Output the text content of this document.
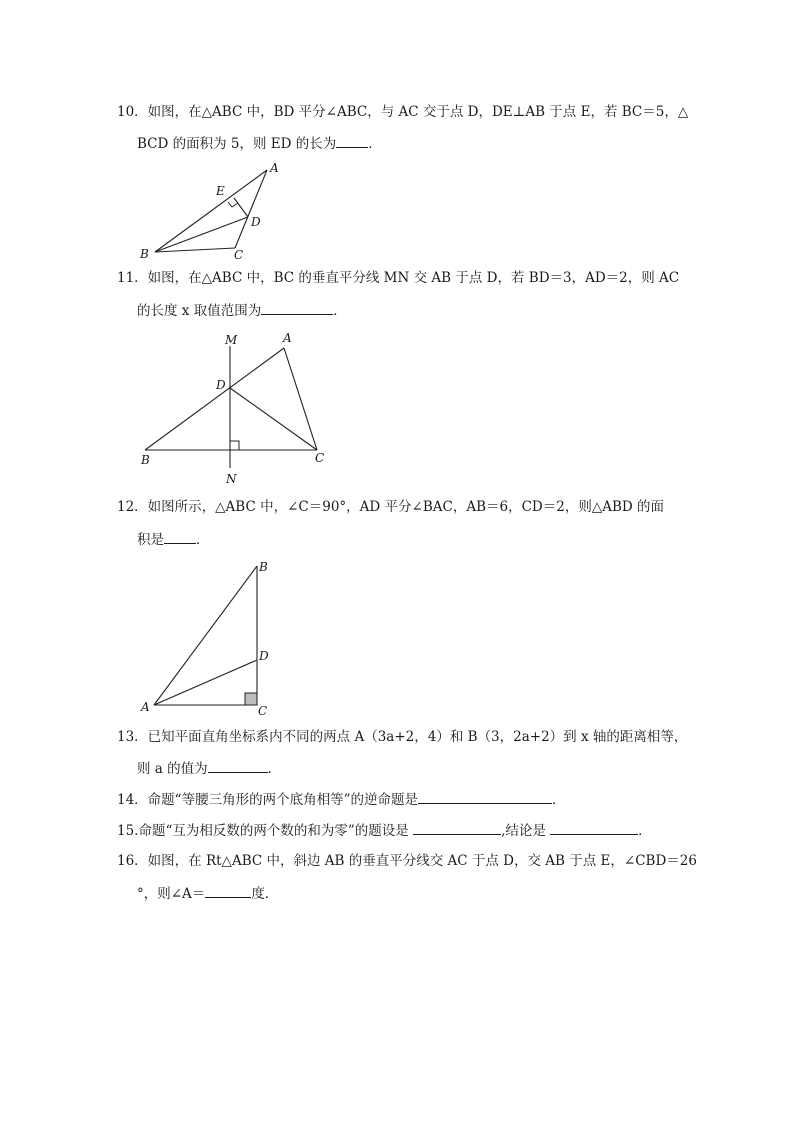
10．如图，在△ABC 中，BD 平分∠ABC，与 AC 交于点 D，DE⊥AB 于点 E，若 BC＝5，△
BCD 的面积为 5，则 ED 的长为 ．
A
E
D
B	C
11．如图，在△ABC 中，BC 的垂直平分线 MN 交 AB 于点 D，若 BD＝3，AD＝2，则 AC
的长度 x 取值范围为	．
M	A
D
B	C
N
12．如图所示，△ABC 中，∠C＝90°，AD 平分∠BAC，AB＝6，CD＝2，则△ABD 的面
积是 ．
B
D
A	C
13．已知平面直角坐标系内不同的两点 A（3a+2，4）和 B（3，2a+2）到 x 轴的距离相等，
则 a 的值为	．
14．命题“等腰三角形的两个底角相等”的逆命题是	．
15.命题“互为相反数的两个数的和为零”的题设是	,结论是	．
16．如图，在 Rt△ABC 中，斜边 AB 的垂直平分线交 AC 于点 D，交 AB 于点 E，∠CBD＝26
°，则∠A＝	度．
